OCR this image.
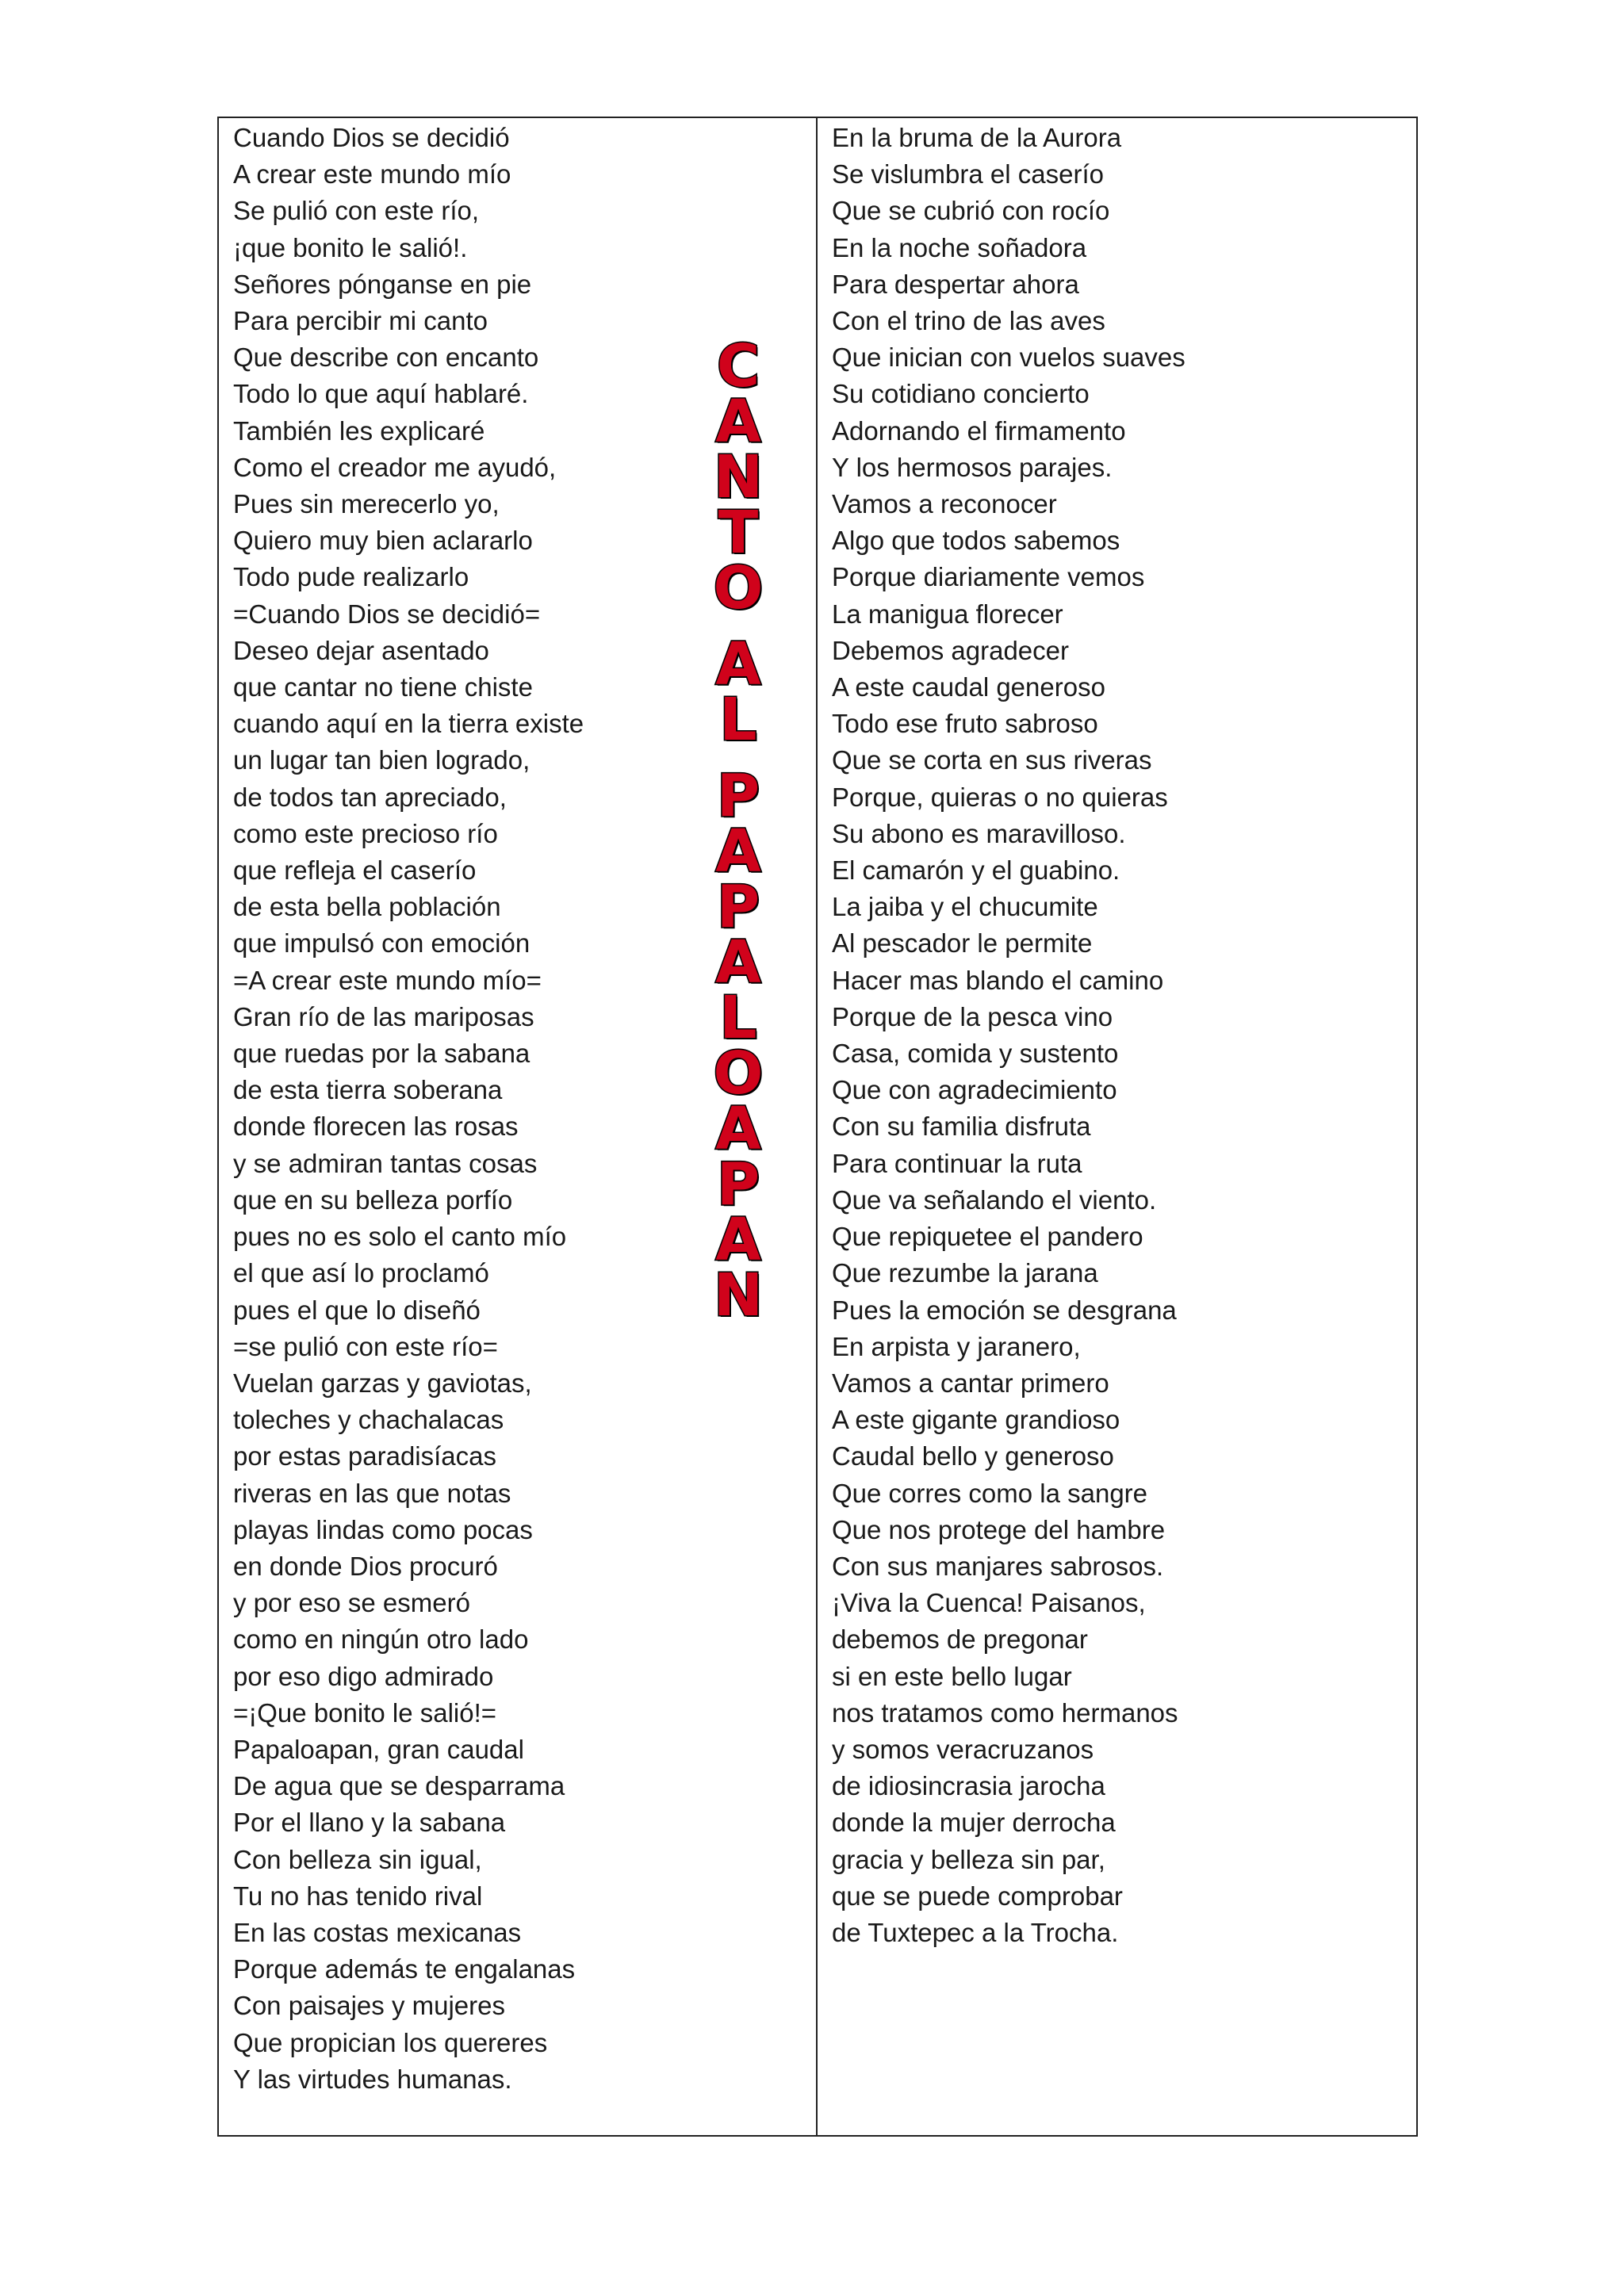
Cuando Dios se decidió
A crear este mundo mío
Se pulió con este río,
¡que bonito le salió!.
Señores pónganse en pie
Para percibir mi canto
Que describe con encanto
Todo lo que aquí hablaré.
También les explicaré
Como el creador me ayudó,
Pues sin merecerlo yo,
Quiero muy bien aclararlo
Todo pude realizarlo
=Cuando Dios se decidió=
Deseo dejar asentado
que cantar no tiene chiste
cuando aquí en la tierra existe
un lugar tan bien logrado,
de todos tan apreciado,
como este precioso río
que refleja el caserío
de esta bella población
que impulsó con emoción
=A crear este mundo mío=
Gran río de las mariposas
que ruedas por la sabana
de esta tierra soberana
donde florecen las rosas
y se admiran tantas cosas
que en su belleza porfío
pues no es solo el canto mío
el que así lo proclamó
pues el que lo diseñó
=se pulió con este río=
Vuelan garzas y gaviotas,
toleches y chachalacas
por estas paradisíacas
riveras en las que notas
playas lindas como pocas
en donde Dios procuró
y por eso se esmeró
como en ningún otro lado
por eso digo admirado
=¡Que bonito le salió!=
Papaloapan, gran caudal
De agua que se desparrama
Por el llano y la sabana
Con belleza sin igual,
Tu no has tenido rival
En las costas mexicanas
Porque además te engalanas
Con paisajes y mujeres
Que propician los quereres
Y las virtudes humanas.
C
A
N
T
O
A
L
P
A
P
A
L
O
A
P
A
N
En la bruma de la Aurora
Se vislumbra el caserío
Que se cubrió con rocío
En la noche soñadora
Para despertar ahora
Con el trino de las aves
Que inician con vuelos suaves
Su cotidiano concierto
Adornando el firmamento
Y los hermosos parajes.
Vamos a reconocer
Algo que todos sabemos
Porque diariamente vemos
La manigua florecer
Debemos agradecer
A este caudal generoso
Todo ese fruto sabroso
Que se corta en sus riveras
Porque, quieras o no quieras
Su abono es maravilloso.
El camarón y el guabino.
La jaiba y el chucumite
Al pescador le permite
Hacer mas blando el camino
Porque de la pesca vino
Casa, comida y sustento
Que con agradecimiento
Con su familia disfruta
Para continuar la ruta
Que va señalando el viento.
Que repiquetee el pandero
Que rezumbe la jarana
Pues la emoción se desgrana
En arpista y jaranero,
Vamos a cantar primero
A este gigante grandioso
Caudal bello y generoso
Que corres como la sangre
Que nos protege del hambre
Con sus manjares sabrosos.
¡Viva la Cuenca! Paisanos,
debemos de pregonar
si en este bello lugar
nos tratamos como hermanos
y somos veracruzanos
de idiosincrasia jarocha
donde la mujer derrocha
gracia y belleza sin par,
que se puede comprobar
de Tuxtepec a la Trocha.
